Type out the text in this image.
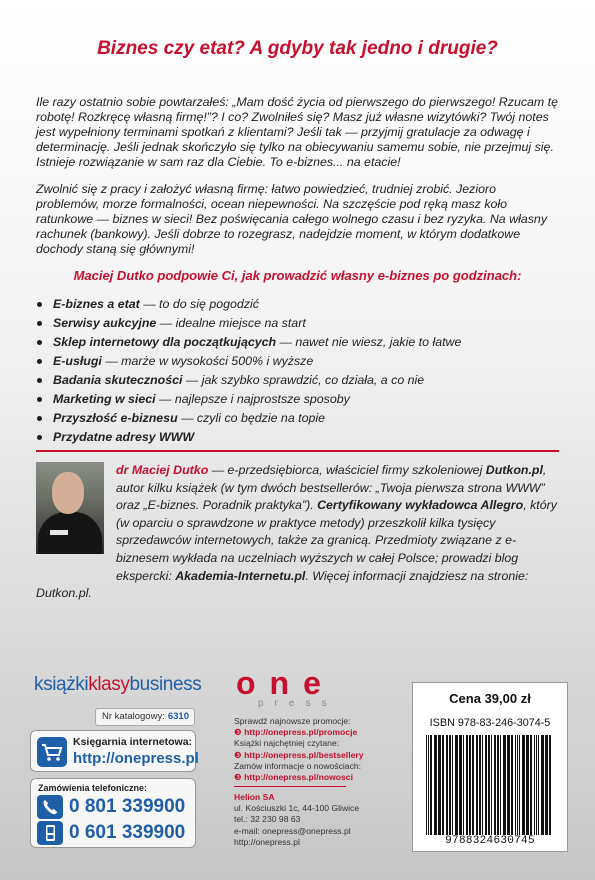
Biznes czy etat? A gdyby tak jedno i drugie?

Ile razy ostatnio sobie powtarzałeś: „Mam dość życia od pierwszego do pierwszego! Rzucam tę robotę! Rozkręcę własną firmę!”? I co? Zwolniłeś się? Masz już własne wizytówki? Twój notes jest wypełniony terminami spotkań z klientami? Jeśli tak — przyjmij gratulacje za odwagę i determinację. Jeśli jednak skończyło się tylko na obiecywaniu samemu sobie, nie przejmuj się. Istnieje rozwiązanie w sam raz dla Ciebie. To e-biznes... na etacie!

Zwolnić się z pracy i założyć własną firmę: łatwo powiedzieć, trudniej zrobić. Jezioro problemów, morze formalności, ocean niepewności. Na szczęście pod ręką masz koło ratunkowe — biznes w sieci! Bez poświęcania całego wolnego czasu i bez ryzyka. Na własny rachunek (bankowy). Jeśli dobrze to rozegrasz, nadejdzie moment, w którym dodatkowe dochody staną się głównymi!

Maciej Dutko podpowie Ci, jak prowadzić własny e-biznes po godzinach:
E-biznes a etat — to do się pogodzić
Serwisy aukcyjne — idealne miejsce na start
Sklep internetowy dla początkujących — nawet nie wiesz, jakie to łatwe
E-usługi — marże w wysokości 500% i wyższe
Badania skuteczności — jak szybko sprawdzić, co działa, a co nie
Marketing w sieci — najlepsze i najprostsze sposoby
Przyszłość e-biznesu — czyli co będzie na topie
Przydatne adresy WWW

dr Maciej Dutko — e-przedsiębiorca, właściciel firmy szkoleniowej Dutkon.pl, autor kilku książek (w tym dwóch bestsellerów: „Twoja pierwsza strona WWW” oraz „E-biznes. Poradnik praktyka”). Certyfikowany wykładowca Allegro, który (w oparciu o sprawdzone w praktyce metody) przeszkolił kilka tysięcy sprzedawców internetowych, także za granicą. Przedmioty związane z e-biznesem wykłada na uczelniach wyższych w całej Polsce; prowadzi blog ekspercki: Akademia-Internetu.pl. Więcej informacji znajdziesz na stronie: Dutkon.pl.

książkiklasybusiness
Nr katalogowy: 6310
Księgarnia internetowa:
http://onepress.pl
Zamówienia telefoniczne:
0 801 339900
0 601 339900
one
press
Sprawdź najnowsze promocje:
❸ http://onepress.pl/promocje
Książki najchętniej czytane:
❸ http://onepress.pl/bestsellery
Zamów informacje o nowościach:
❸ http://onepress.pl/nowosci
Helion SA
ul. Kościuszki 1c, 44-100 Gliwice
tel.: 32 230 98 63
e-mail: onepress@onepress.pl
http://onepress.pl
Cena 39,00 zł
ISBN 978-83-246-3074-5
9788324630745
